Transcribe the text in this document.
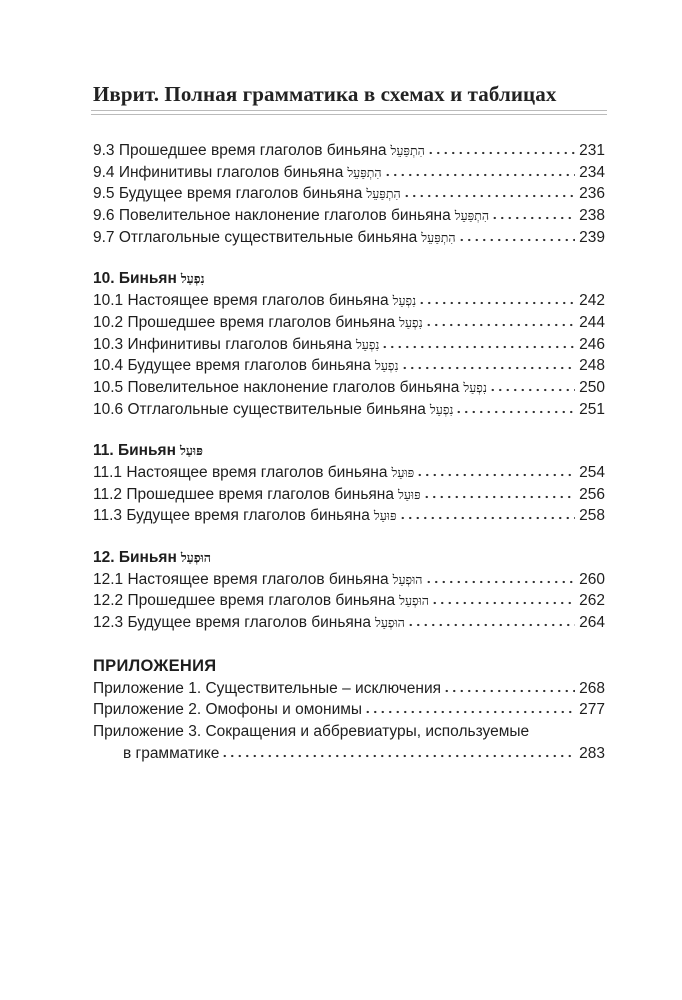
Иврит. Полная грамматика в схемах и таблицах
9.3 Прошедшее время глаголов биньяна הִתְפַּעֵל	231
9.4 Инфинитивы глаголов биньяна הִתְפַּעֵל	234
9.5 Будущее время глаголов биньяна הִתְפַּעֵל	236
9.6 Повелительное наклонение глаголов биньяна הִתְפַּעֵל	238
9.7 Отглагольные существительные биньяна הִתְפַּעֵל	239
10. Биньян נִפְעַל
10.1 Настоящее время глаголов биньяна נִפְעַל	242
10.2 Прошедшее время глаголов биньяна נִפְעַל	244
10.3 Инфинитивы глаголов биньяна נִפְעַל	246
10.4 Будущее время глаголов биньяна נִפְעַל	248
10.5 Повелительное наклонение глаголов биньяна נִפְעַל	250
10.6 Отглагольные существительные биньяна נִפְעַל	251
11. Биньян פּוּעַל
11.1 Настоящее время глаголов биньяна פּוּעַל	254
11.2 Прошедшее время глаголов биньяна פּוּעַל	256
11.3 Будущее время глаголов биньяна פּוּעַל	258
12. Биньян הוּפְעַל
12.1 Настоящее время глаголов биньяна הוּפְעַל	260
12.2 Прошедшее время глаголов биньяна הוּפְעַל	262
12.3 Будущее время глаголов биньяна הוּפְעַל	264
ПРИЛОЖЕНИЯ
Приложение 1. Существительные – исключения	268
Приложение 2. Омофоны и омонимы	277
Приложение 3. Сокращения и аббревиатуры, используемые
в грамматике	283
